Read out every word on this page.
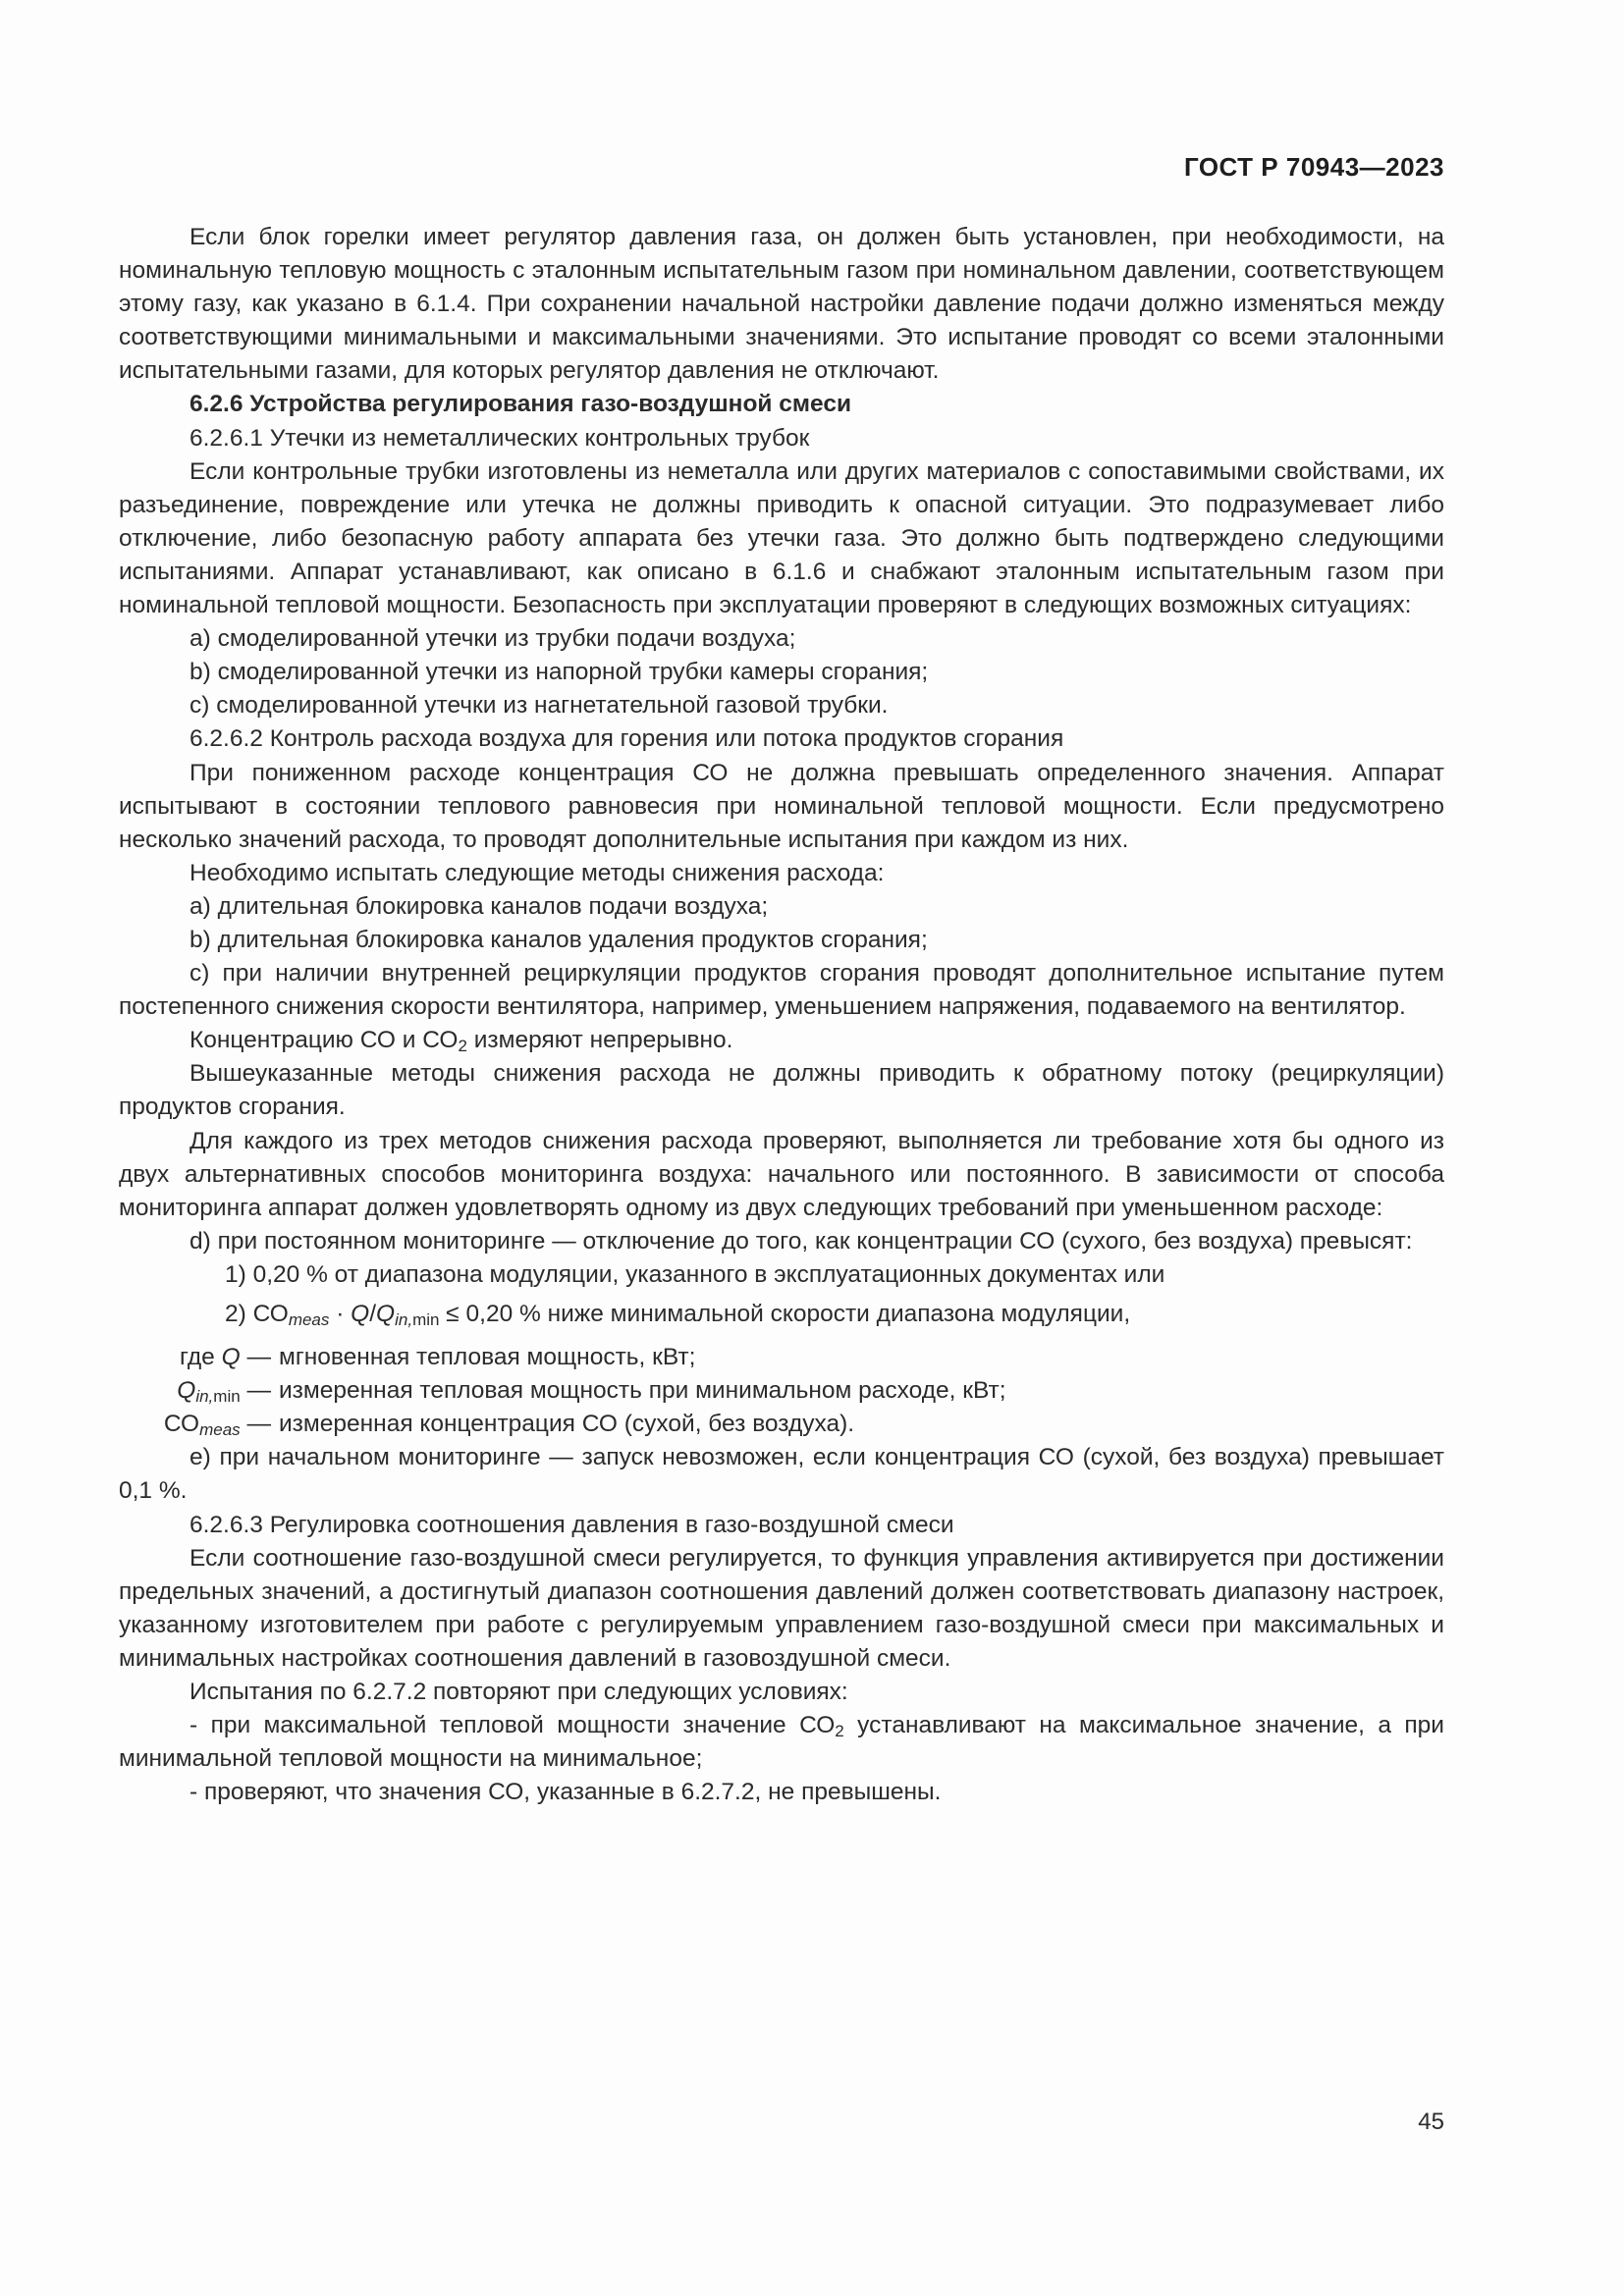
ГОСТ Р 70943—2023

Если блок горелки имеет регулятор давления газа, он должен быть установлен, при необходимости, на номинальную тепловую мощность с эталонным испытательным газом при номинальном давлении, соответствующем этому газу, как указано в 6.1.4. При сохранении начальной настройки давление подачи должно изменяться между соответствующими минимальными и максимальными значениями. Это испытание проводят со всеми эталонными испытательными газами, для которых регулятор давления не отключают.

6.2.6 Устройства регулирования газо-воздушной смеси

6.2.6.1 Утечки из неметаллических контрольных трубок

Если контрольные трубки изготовлены из неметалла или других материалов с сопоставимыми свойствами, их разъединение, повреждение или утечка не должны приводить к опасной ситуации. Это подразумевает либо отключение, либо безопасную работу аппарата без утечки газа. Это должно быть подтверждено следующими испытаниями. Аппарат устанавливают, как описано в 6.1.6 и снабжают эталонным испытательным газом при номинальной тепловой мощности. Безопасность при эксплуатации проверяют в следующих возможных ситуациях:

a) смоделированной утечки из трубки подачи воздуха;

b) смоделированной утечки из напорной трубки камеры сгорания;

c) смоделированной утечки из нагнетательной газовой трубки.

6.2.6.2 Контроль расхода воздуха для горения или потока продуктов сгорания

При пониженном расходе концентрация СО не должна превышать определенного значения. Аппарат испытывают в состоянии теплового равновесия при номинальной тепловой мощности. Если предусмотрено несколько значений расхода, то проводят дополнительные испытания при каждом из них.

Необходимо испытать следующие методы снижения расхода:

a) длительная блокировка каналов подачи воздуха;

b) длительная блокировка каналов удаления продуктов сгорания;

c) при наличии внутренней рециркуляции продуктов сгорания проводят дополнительное испытание путем постепенного снижения скорости вентилятора, например, уменьшением напряжения, подаваемого на вентилятор.

Концентрацию СО и $СО_2$ измеряют непрерывно.

Вышеуказанные методы снижения расхода не должны приводить к обратному потоку (рециркуляции) продуктов сгорания.

Для каждого из трех методов снижения расхода проверяют, выполняется ли требование хотя бы одного из двух альтернативных способов мониторинга воздуха: начального или постоянного. В зависимости от способа мониторинга аппарат должен удовлетворять одному из двух следующих требований при уменьшенном расходе:

d) при постоянном мониторинге — отключение до того, как концентрации СО (сухого, без воздуха) превысят:

1) 0,20 % от диапазона модуляции, указанного в эксплуатационных документах или

2) $СО_{meas} \cdot Q/Q_{in,min} \le 0,20$ % ниже минимальной скорости диапазона модуляции,

где Q — мгновенная тепловая мощность, кВт;
$Q_{in,min}$ — измеренная тепловая мощность при минимальном расходе, кВт;
$СО_{meas}$ — измеренная концентрация СО (сухой, без воздуха).

е) при начальном мониторинге — запуск невозможен, если концентрация СО (сухой, без воздуха) превышает 0,1 %.

6.2.6.3 Регулировка соотношения давления в газо-воздушной смеси

Если соотношение газо-воздушной смеси регулируется, то функция управления активируется при достижении предельных значений, а достигнутый диапазон соотношения давлений должен соответствовать диапазону настроек, указанному изготовителем при работе с регулируемым управлением газо-воздушной смеси при максимальных и минимальных настройках соотношения давлений в газовоздушной смеси.

Испытания по 6.2.7.2 повторяют при следующих условиях:

- при максимальной тепловой мощности значение $СО_2$ устанавливают на максимальное значение, а при минимальной тепловой мощности на минимальное;

- проверяют, что значения СО, указанные в 6.2.7.2, не превышены.

45
